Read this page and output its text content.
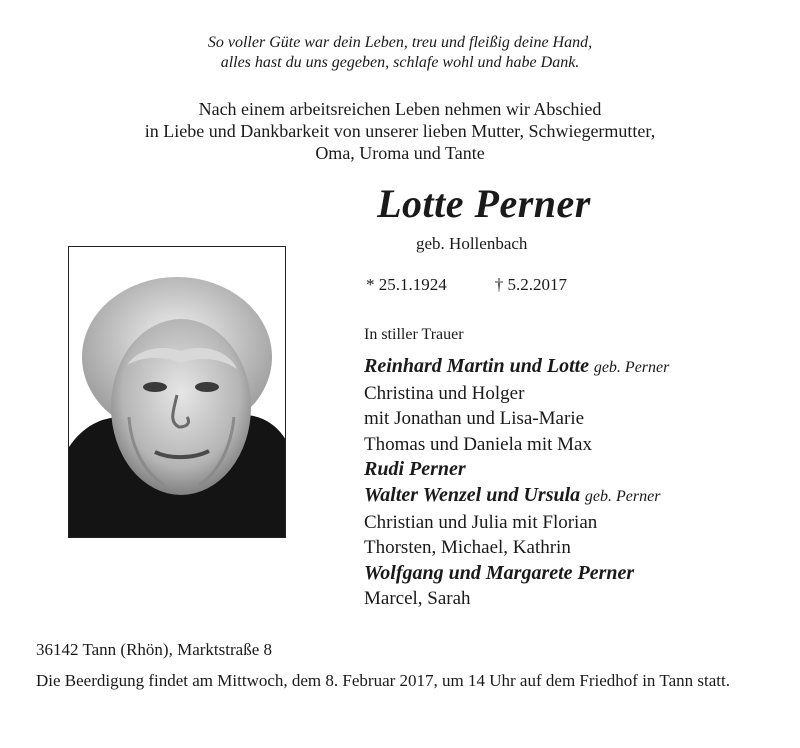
So voller Güte war dein Leben, treu und fleißig deine Hand,
alles hast du uns gegeben, schlafe wohl und habe Dank.
Nach einem arbeitsreichen Leben nehmen wir Abschied
in Liebe und Dankbarkeit von unserer lieben Mutter, Schwiegermutter,
Oma, Uroma und Tante
Lotte Perner
geb. Hollenbach
* 25.1.1924	† 5.2.2017
In stiller Trauer
Reinhard Martin und Lotte geb. Perner
Christina und Holger
mit Jonathan und Lisa-Marie
Thomas und Daniela mit Max
Rudi Perner
Walter Wenzel und Ursula geb. Perner
Christian und Julia mit Florian
Thorsten, Michael, Kathrin
Wolfgang und Margarete Perner
Marcel, Sarah
36142 Tann (Rhön), Marktstraße 8
Die Beerdigung findet am Mittwoch, dem 8. Februar 2017, um 14 Uhr auf dem Friedhof in Tann statt.
